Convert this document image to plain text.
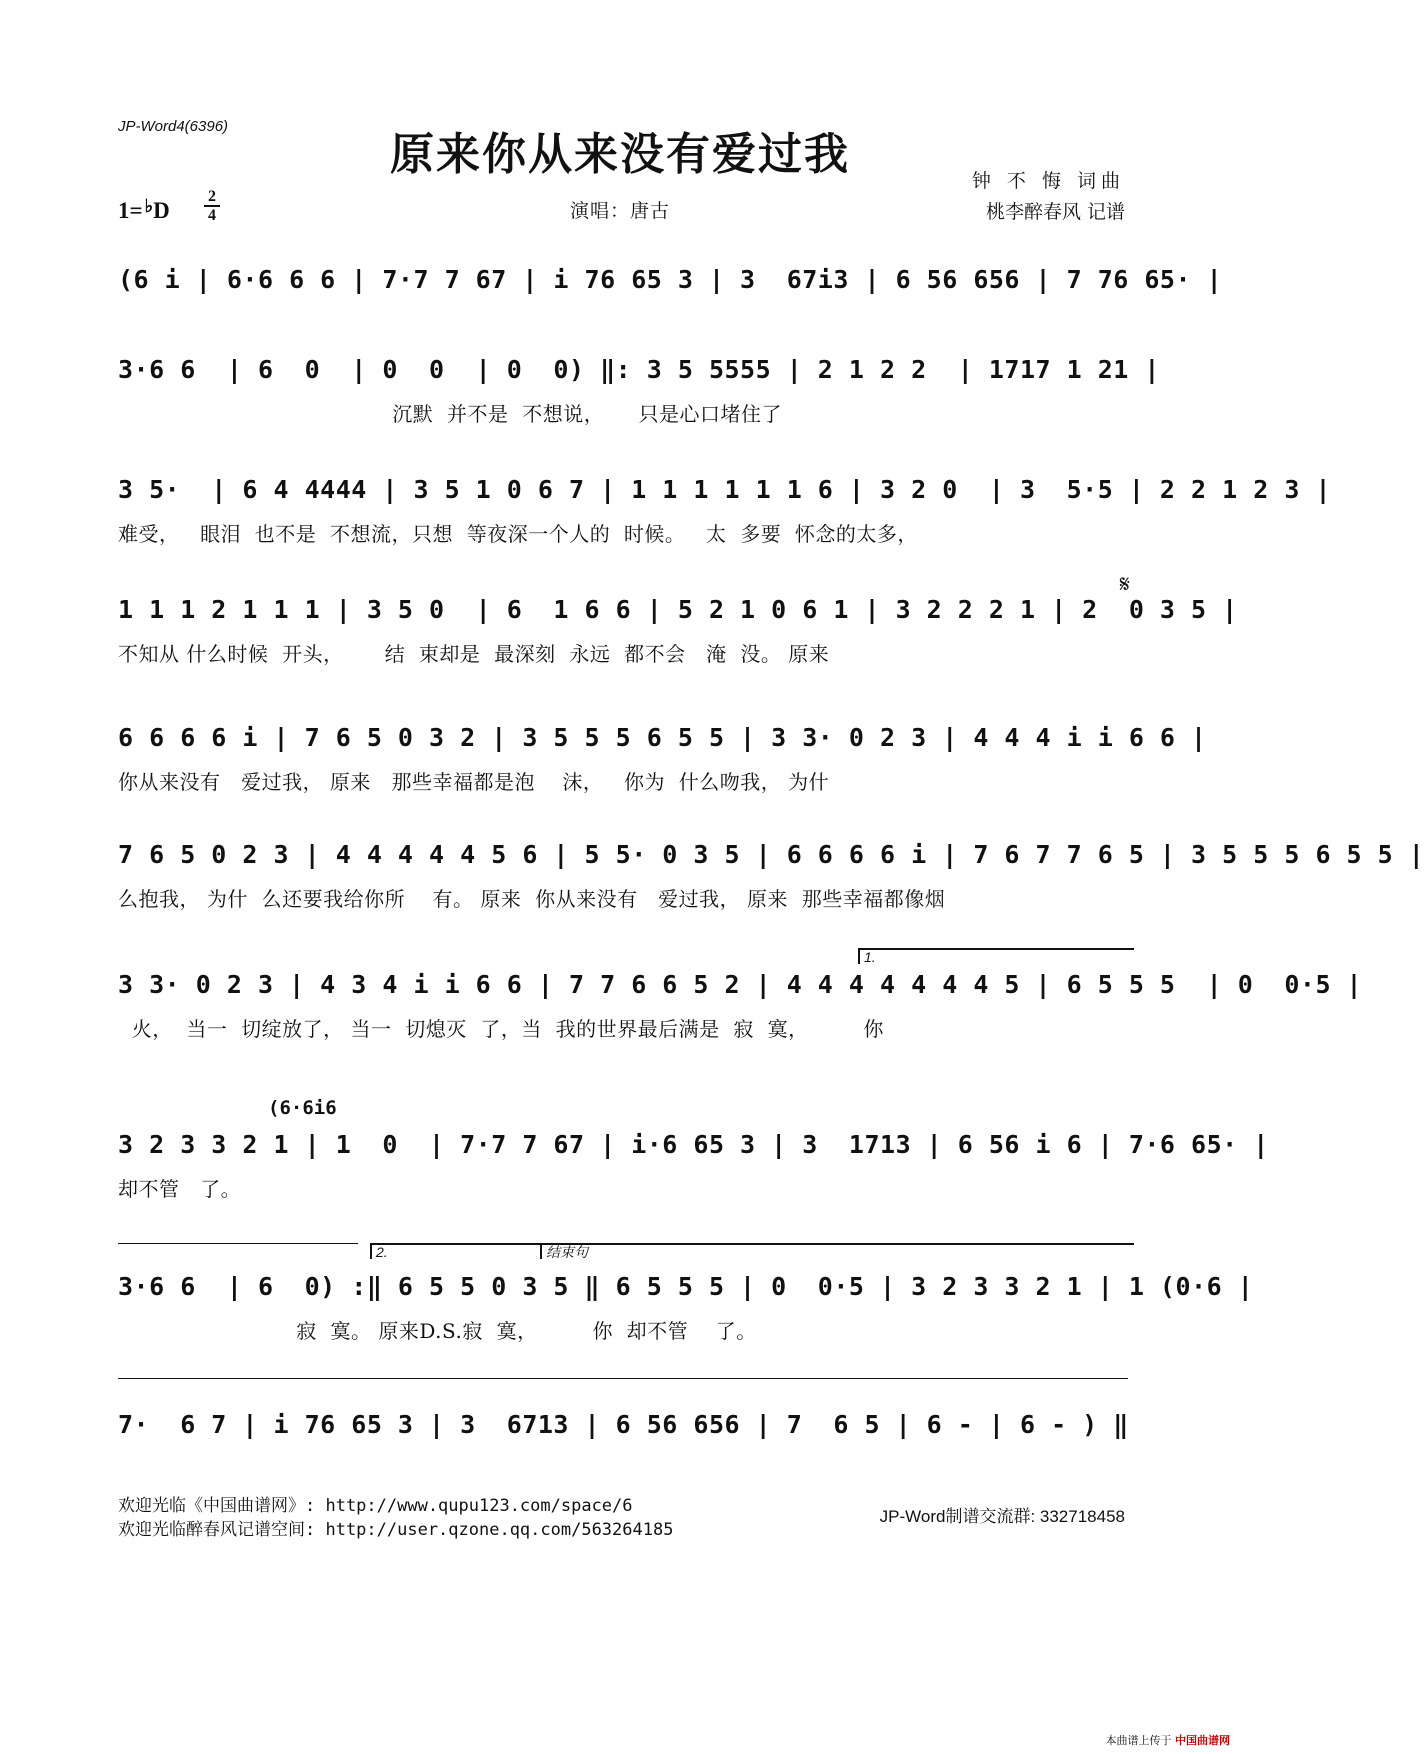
JP-Word4(6396)
原来你从来没有爱过我
钟 不 悔 词曲
桃李醉春风 记谱
演唱：唐古
$1= ^♭D \frac{2}{4}$
𝄋
(6 i | 6·6 6 6 | 7·7 7 67 | i 76 65 3 | 3  67i3 | 6 56 656 | 7 76 65· |
3·6 6  | 6  0  | 0  0  | 0  0) ‖: 3 5 5555 | 2 1 2 2  | 1717 1 21 |
沉默  并不是  不想说，     只是心口堵住了
3 5·  | 6 4 4444 | 3 5 1 0 6 7 | 1 1 1 1 1 1 6 | 3 2 0  | 3  5·5 | 2 2 1 2 3 |
难受，   眼泪  也不是  不想流，只想  等夜深一个人的  时候。   太  多要  怀念的太多，
1 1 1 2 1 1 1 | 3 5 0  | 6  1 6 6 | 5 2 1 0 6 1 | 3 2 2 2 1 | 2  0 3 5 |
不知从 什么时候  开头，      结  束却是  最深刻  永远  都不会   淹  没。 原来
6 6 6 6 i | 7 6 5 0 3 2 | 3 5 5 5 6 5 5 | 3 3· 0 2 3 | 4 4 4 i i 6 6 |
你从来没有   爱过我， 原来   那些幸福都是泡    沫，   你为  什么吻我， 为什
7 6 5 0 2 3 | 4 4 4 4 4 5 6 | 5 5· 0 3 5 | 6 6 6 6 i | 7 6 7 7 6 5 | 3 5 5 5 6 5 5 |
么抱我， 为什  么还要我给你所    有。 原来  你从来没有   爱过我， 原来  那些幸福都像烟
1.
3 3· 0 2 3 | 4 3 4 i i 6 6 | 7 7 6 6 5 2 | 4 4 4 4 4 4 4 5 | 6 5 5 5  | 0  0·5 |
火，  当一  切绽放了， 当一  切熄灭  了，当  我的世界最后满是  寂  寞，        你
(6·6i6
3 2 3 3 2 1 | 1  0  | 7·7 7 67 | i·6 65 3 | 3  1713 | 6 56 i 6 | 7·6 65· |
却不管   了。
2.	结束句
3·6 6  | 6  0) :‖ 6 5 5 0 3 5 ‖ 6 5 5 5 | 0  0·5 | 3 2 3 3 2 1 | 1 (0·6 |
寂  寞。 原来D.S.寂  寞，        你  却不管    了。
7·  6 7 | i 76 65 3 | 3  6713 | 6 56 656 | 7  6 5 | 6 - | 6 - ) ‖
欢迎光临《中国曲谱网》: http://www.qupu123.com/space/6
欢迎光临醉春风记谱空间: http://user.qzone.qq.com/563264185
JP-Word制谱交流群: 332718458
本曲谱上传于 中国曲谱网
